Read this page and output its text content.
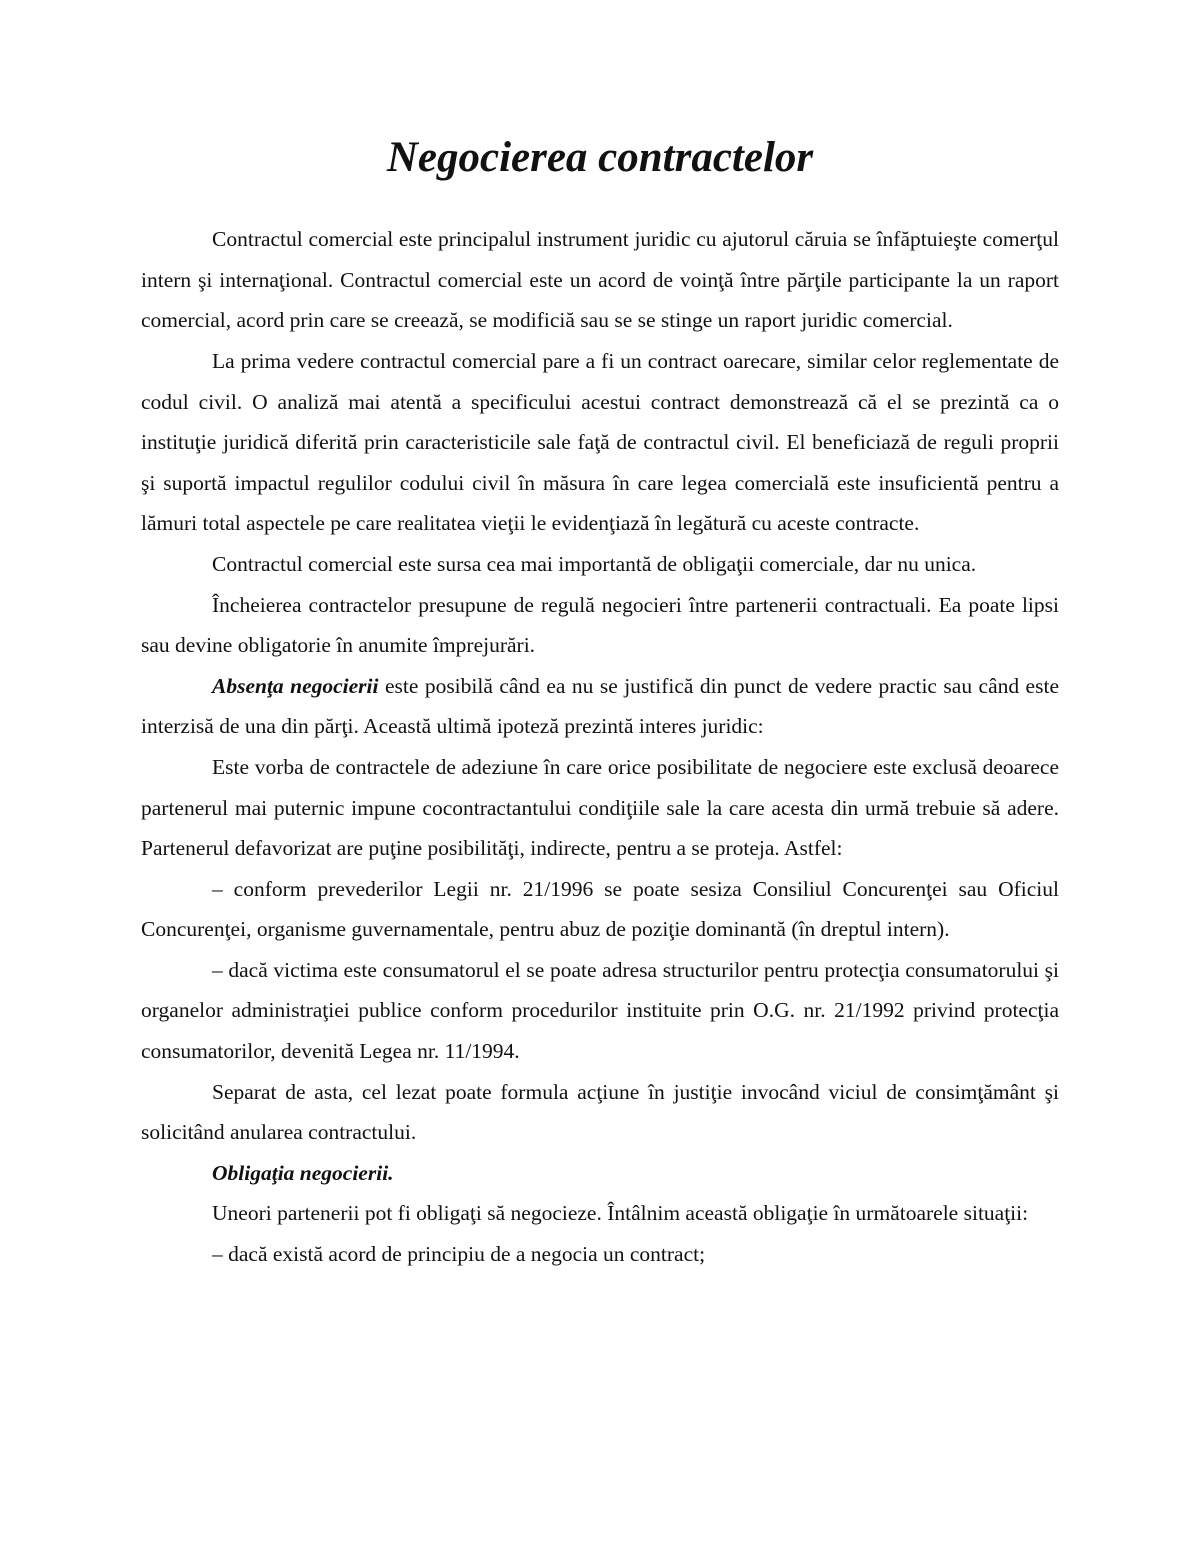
Negocierea contractelor

Contractul comercial este principalul instrument juridic cu ajutorul căruia se înfăptuieşte comerţul intern şi internaţional. Contractul comercial este un acord de voinţă între părţile participante la un raport comercial, acord prin care se creează, se modificiă sau se se stinge un raport juridic comercial.

La prima vedere contractul comercial pare a fi un contract oarecare, similar celor reglementate de codul civil. O analiză mai atentă a specificului acestui contract demonstrează că el se prezintă ca o instituţie juridică diferită prin caracteristicile sale faţă de contractul civil. El beneficiază de reguli proprii şi suportă impactul regulilor codului civil în măsura în care legea comercială este insuficientă pentru a lămuri total aspectele pe care realitatea vieţii le evidenţiază în legătură cu aceste contracte.

Contractul comercial este sursa cea mai importantă de obligaţii comerciale, dar nu unica.

Încheierea contractelor presupune de regulă negocieri între partenerii contractuali. Ea poate lipsi sau devine obligatorie în anumite împrejurări.

Absenţa negocierii este posibilă când ea nu se justifică din punct de vedere practic sau când este interzisă de una din părţi. Această ultimă ipoteză prezintă interes juridic:

Este vorba de contractele de adeziune în care orice posibilitate de negociere este exclusă deoarece partenerul mai puternic impune cocontractantului condiţiile sale la care acesta din urmă trebuie să adere. Partenerul defavorizat are puţine posibilităţi, indirecte, pentru a se proteja. Astfel:

– conform prevederilor Legii nr. 21/1996 se poate sesiza Consiliul Concurenţei sau Oficiul Concurenţei, organisme guvernamentale, pentru abuz de poziţie dominantă (în dreptul intern).

– dacă victima este consumatorul el se poate adresa structurilor pentru protecţia consumatorului şi organelor administraţiei publice conform procedurilor instituite prin O.G. nr. 21/1992 privind protecţia consumatorilor, devenită Legea nr. 11/1994.

Separat de asta, cel lezat poate formula acţiune în justiţie invocând viciul de consimţământ şi solicitând anularea contractului.

Obligaţia negocierii.

Uneori partenerii pot fi obligaţi să negocieze. Întâlnim această obligaţie în următoarele situaţii:

– dacă există acord de principiu de a negocia un contract;
